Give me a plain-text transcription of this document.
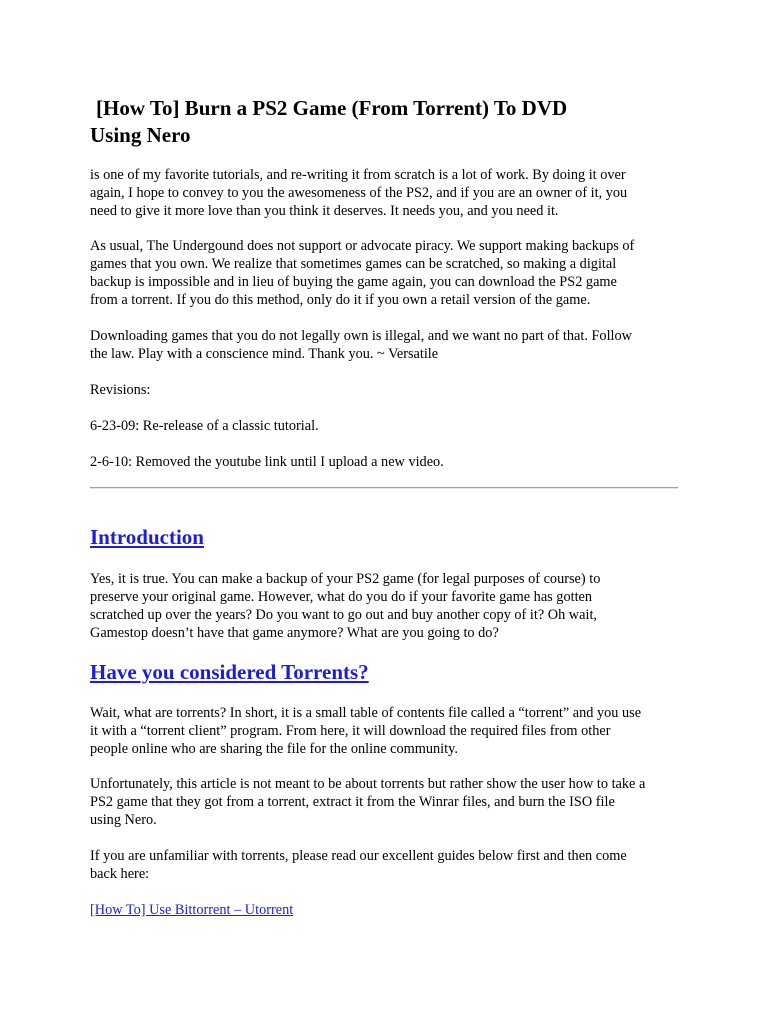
[How To] Burn a PS2 Game (From Torrent) To DVD
Using Nero

is one of my favorite tutorials, and re-writing it from scratch is a lot of work. By doing it over
again, I hope to convey to you the awesomeness of the PS2, and if you are an owner of it, you
need to give it more love than you think it deserves. It needs you, and you need it.

As usual, The Undergound does not support or advocate piracy. We support making backups of
games that you own. We realize that sometimes games can be scratched, so making a digital
backup is impossible and in lieu of buying the game again, you can download the PS2 game
from a torrent. If you do this method, only do it if you own a retail version of the game.

Downloading games that you do not legally own is illegal, and we want no part of that. Follow
the law. Play with a conscience mind. Thank you. ~ Versatile

Revisions:

6-23-09: Re-release of a classic tutorial.

2-6-10: Removed the youtube link until I upload a new video.

Introduction

Yes, it is true. You can make a backup of your PS2 game (for legal purposes of course) to
preserve your original game. However, what do you do if your favorite game has gotten
scratched up over the years? Do you want to go out and buy another copy of it? Oh wait,
Gamestop doesn’t have that game anymore? What are you going to do?

Have you considered Torrents?

Wait, what are torrents? In short, it is a small table of contents file called a “torrent” and you use
it with a “torrent client” program. From here, it will download the required files from other
people online who are sharing the file for the online community.

Unfortunately, this article is not meant to be about torrents but rather show the user how to take a
PS2 game that they got from a torrent, extract it from the Winrar files, and burn the ISO file
using Nero.

If you are unfamiliar with torrents, please read our excellent guides below first and then come
back here:

[How To] Use Bittorrent – Utorrent
